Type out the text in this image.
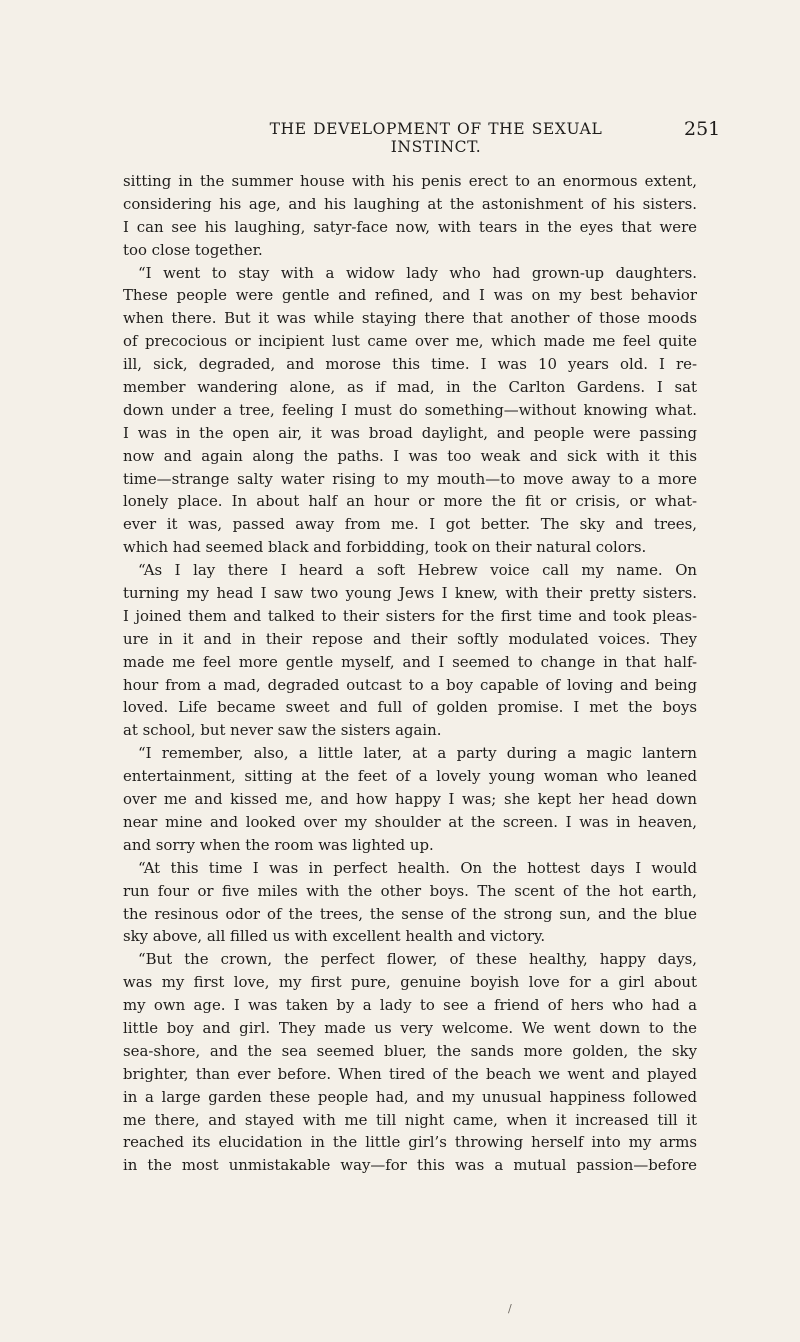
THE DEVELOPMENT OF THE SEXUAL INSTINCT.
251
sitting in the summer house with his penis erect to an enormous extent,
considering his age, and his laughing at the astonishment of his sisters.
I can see his laughing, satyr-face now, with tears in the eyes that were
too close together.
“I went to stay with a widow lady who had grown-up daughters.
These people were gentle and refined, and I was on my best behavior
when there. But it was while staying there that another of those moods
of precocious or incipient lust came over me, which made me feel quite
ill, sick, degraded, and morose this time. I was 10 years old. I re-
member wandering alone, as if mad, in the Carlton Gardens. I sat
down under a tree, feeling I must do something—without knowing what.
I was in the open air, it was broad daylight, and people were passing
now and again along the paths. I was too weak and sick with it this
time—strange salty water rising to my mouth—to move away to a more
lonely place. In about half an hour or more the fit or crisis, or what-
ever it was, passed away from me. I got better. The sky and trees,
which had seemed black and forbidding, took on their natural colors.
“As I lay there I heard a soft Hebrew voice call my name. On
turning my head I saw two young Jews I knew, with their pretty sisters.
I joined them and talked to their sisters for the first time and took pleas-
ure in it and in their repose and their softly modulated voices. They
made me feel more gentle myself, and I seemed to change in that half-
hour from a mad, degraded outcast to a boy capable of loving and being
loved. Life became sweet and full of golden promise. I met the boys
at school, but never saw the sisters again.
“I remember, also, a little later, at a party during a magic lantern
entertainment, sitting at the feet of a lovely young woman who leaned
over me and kissed me, and how happy I was; she kept her head down
near mine and looked over my shoulder at the screen. I was in heaven,
and sorry when the room was lighted up.
“At this time I was in perfect health. On the hottest days I would
run four or five miles with the other boys. The scent of the hot earth,
the resinous odor of the trees, the sense of the strong sun, and the blue
sky above, all filled us with excellent health and victory.
“But the crown, the perfect flower, of these healthy, happy days,
was my first love, my first pure, genuine boyish love for a girl about
my own age. I was taken by a lady to see a friend of hers who had a
little boy and girl. They made us very welcome. We went down to the
sea-shore, and the sea seemed bluer, the sands more golden, the sky
brighter, than ever before. When tired of the beach we went and played
in a large garden these people had, and my unusual happiness followed
me there, and stayed with me till night came, when it increased till it
reached its elucidation in the little girl’s throwing herself into my arms
in the most unmistakable way—for this was a mutual passion—before
/
